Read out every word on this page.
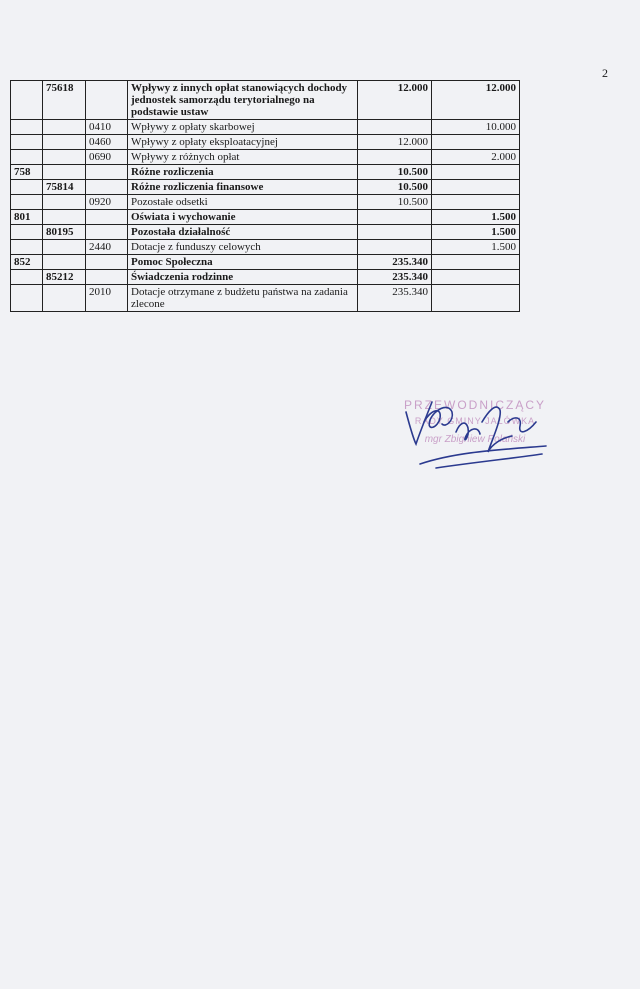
2
	75618		Wpływy z innych opłat stanowiących dochody jednostek samorządu terytorialnego na podstawie ustaw	12.000	12.000
		0410	Wpływy z opłaty skarbowej		10.000
		0460	Wpływy z opłaty eksploatacyjnej	12.000	
		0690	Wpływy z różnych opłat		2.000
758			Różne rozliczenia	10.500	
	75814		Różne rozliczenia finansowe	10.500	
		0920	Pozostałe odsetki	10.500	
801			Oświata i wychowanie		1.500
	80195		Pozostała działalność		1.500
		2440	Dotacje z funduszy celowych		1.500
852			Pomoc Społeczna	235.340	
	85212		Świadczenia rodzinne	235.340	
		2010	Dotacje otrzymane z budżetu państwa na zadania zlecone	235.340	
PRZEWODNICZĄCY
RADY GMINY JAŁÓWKA
mgr Zbigniew Polański
